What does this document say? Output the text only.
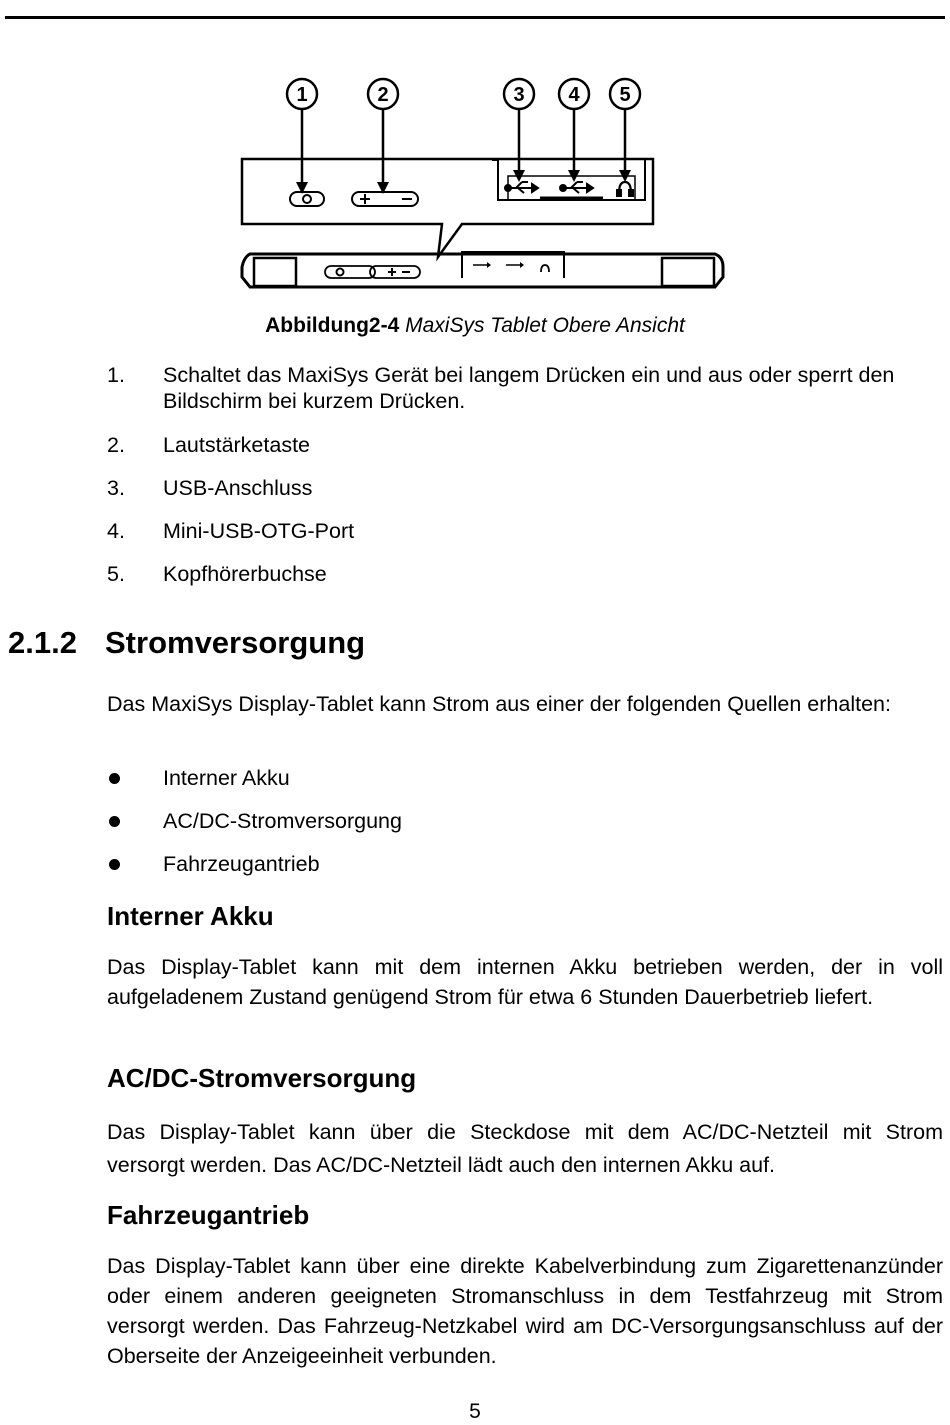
1	2	3 4 5
Abbildung2-4 MaxiSys Tablet Obere Ansicht
1. Schaltet das MaxiSys Gerät bei langem Drücken ein und aus oder sperrt den Bildschirm bei kurzem Drücken.
2. Lautstärketaste
3. USB-Anschluss
4. Mini-USB-OTG-Port
5. Kopfhörerbuchse
2.1.2 Stromversorgung

Das MaxiSys Display-Tablet kann Strom aus einer der folgenden Quellen erhalten:

Interner Akku
AC/DC-Stromversorgung
Fahrzeugantrieb
Interner Akku

Das Display-Tablet kann mit dem internen Akku betrieben werden, der in voll aufgeladenem Zustand genügend Strom für etwa 6 Stunden Dauerbetrieb liefert.

AC/DC-Stromversorgung

Das Display-Tablet kann über die Steckdose mit dem AC/DC-Netzteil mit Strom versorgt werden. Das AC/DC-Netzteil lädt auch den internen Akku auf.

Fahrzeugantrieb

Das Display-Tablet kann über eine direkte Kabelverbindung zum Zigarettenanzünder oder einem anderen geeigneten Stromanschluss in dem Testfahrzeug mit Strom versorgt werden. Das Fahrzeug-Netzkabel wird am DC-Versorgungsanschluss auf der Oberseite der Anzeigeeinheit verbunden.

5
